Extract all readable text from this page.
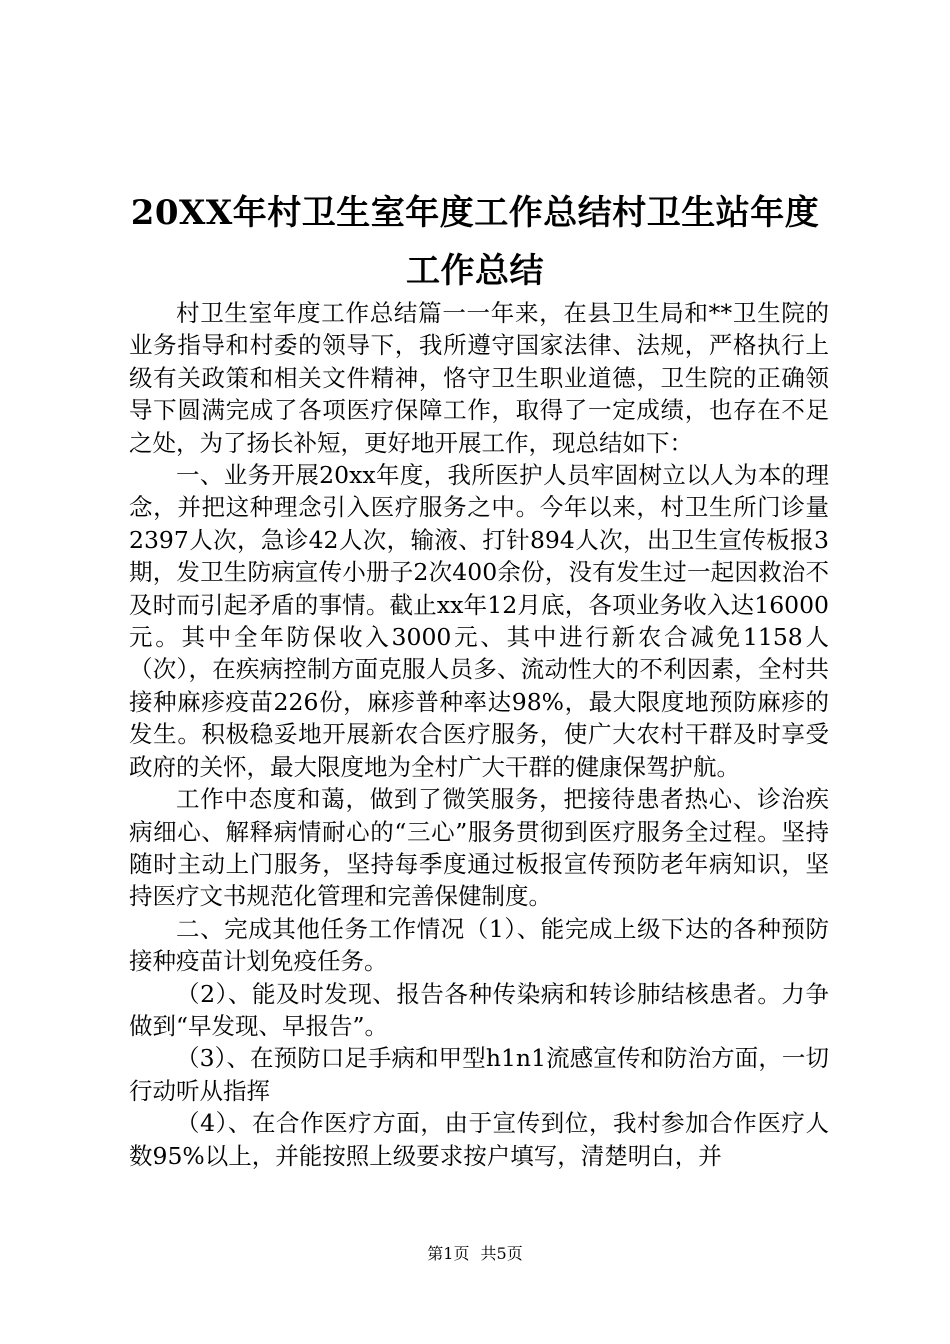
20XX年村卫生室年度工作总结村卫生站年度
工作总结

村卫生室年度工作总结篇一一年来，在县卫生局和**卫生院的业务指导和村委的领导下，我所遵守国家法律、法规，严格执行上级有关政策和相关文件精神，恪守卫生职业道德，卫生院的正确领导下圆满完成了各项医疗保障工作，取得了一定成绩，也存在不足之处，为了扬长补短，更好地开展工作，现总结如下：

一、业务开展20xx年度，我所医护人员牢固树立以人为本的理念，并把这种理念引入医疗服务之中。今年以来，村卫生所门诊量2397人次，急诊42人次，输液、打针894人次，出卫生宣传板报3期，发卫生防病宣传小册子2次400余份，没有发生过一起因救治不及时而引起矛盾的事情。截止xx年12月底，各项业务收入达16000元。其中全年防保收入3000元、其中进行新农合减免1158人（次），在疾病控制方面克服人员多、流动性大的不利因素，全村共接种麻疹疫苗226份，麻疹普种率达98%，最大限度地预防麻疹的发生。积极稳妥地开展新农合医疗服务，使广大农村干群及时享受政府的关怀，最大限度地为全村广大干群的健康保驾护航。

工作中态度和蔼，做到了微笑服务，把接待患者热心、诊治疾病细心、解释病情耐心的“三心”服务贯彻到医疗服务全过程。坚持随时主动上门服务，坚持每季度通过板报宣传预防老年病知识，坚持医疗文书规范化管理和完善保健制度。

二、完成其他任务工作情况（1）、能完成上级下达的各种预防接种疫苗计划免疫任务。

（2）、能及时发现、报告各种传染病和转诊肺结核患者。力争做到“早发现、早报告”。

（3）、在预防口足手病和甲型h1n1流感宣传和防治方面，一切行动听从指挥

（4）、在合作医疗方面，由于宣传到位，我村参加合作医疗人数95%以上，并能按照上级要求按户填写，清楚明白，并

第1页 共5页
